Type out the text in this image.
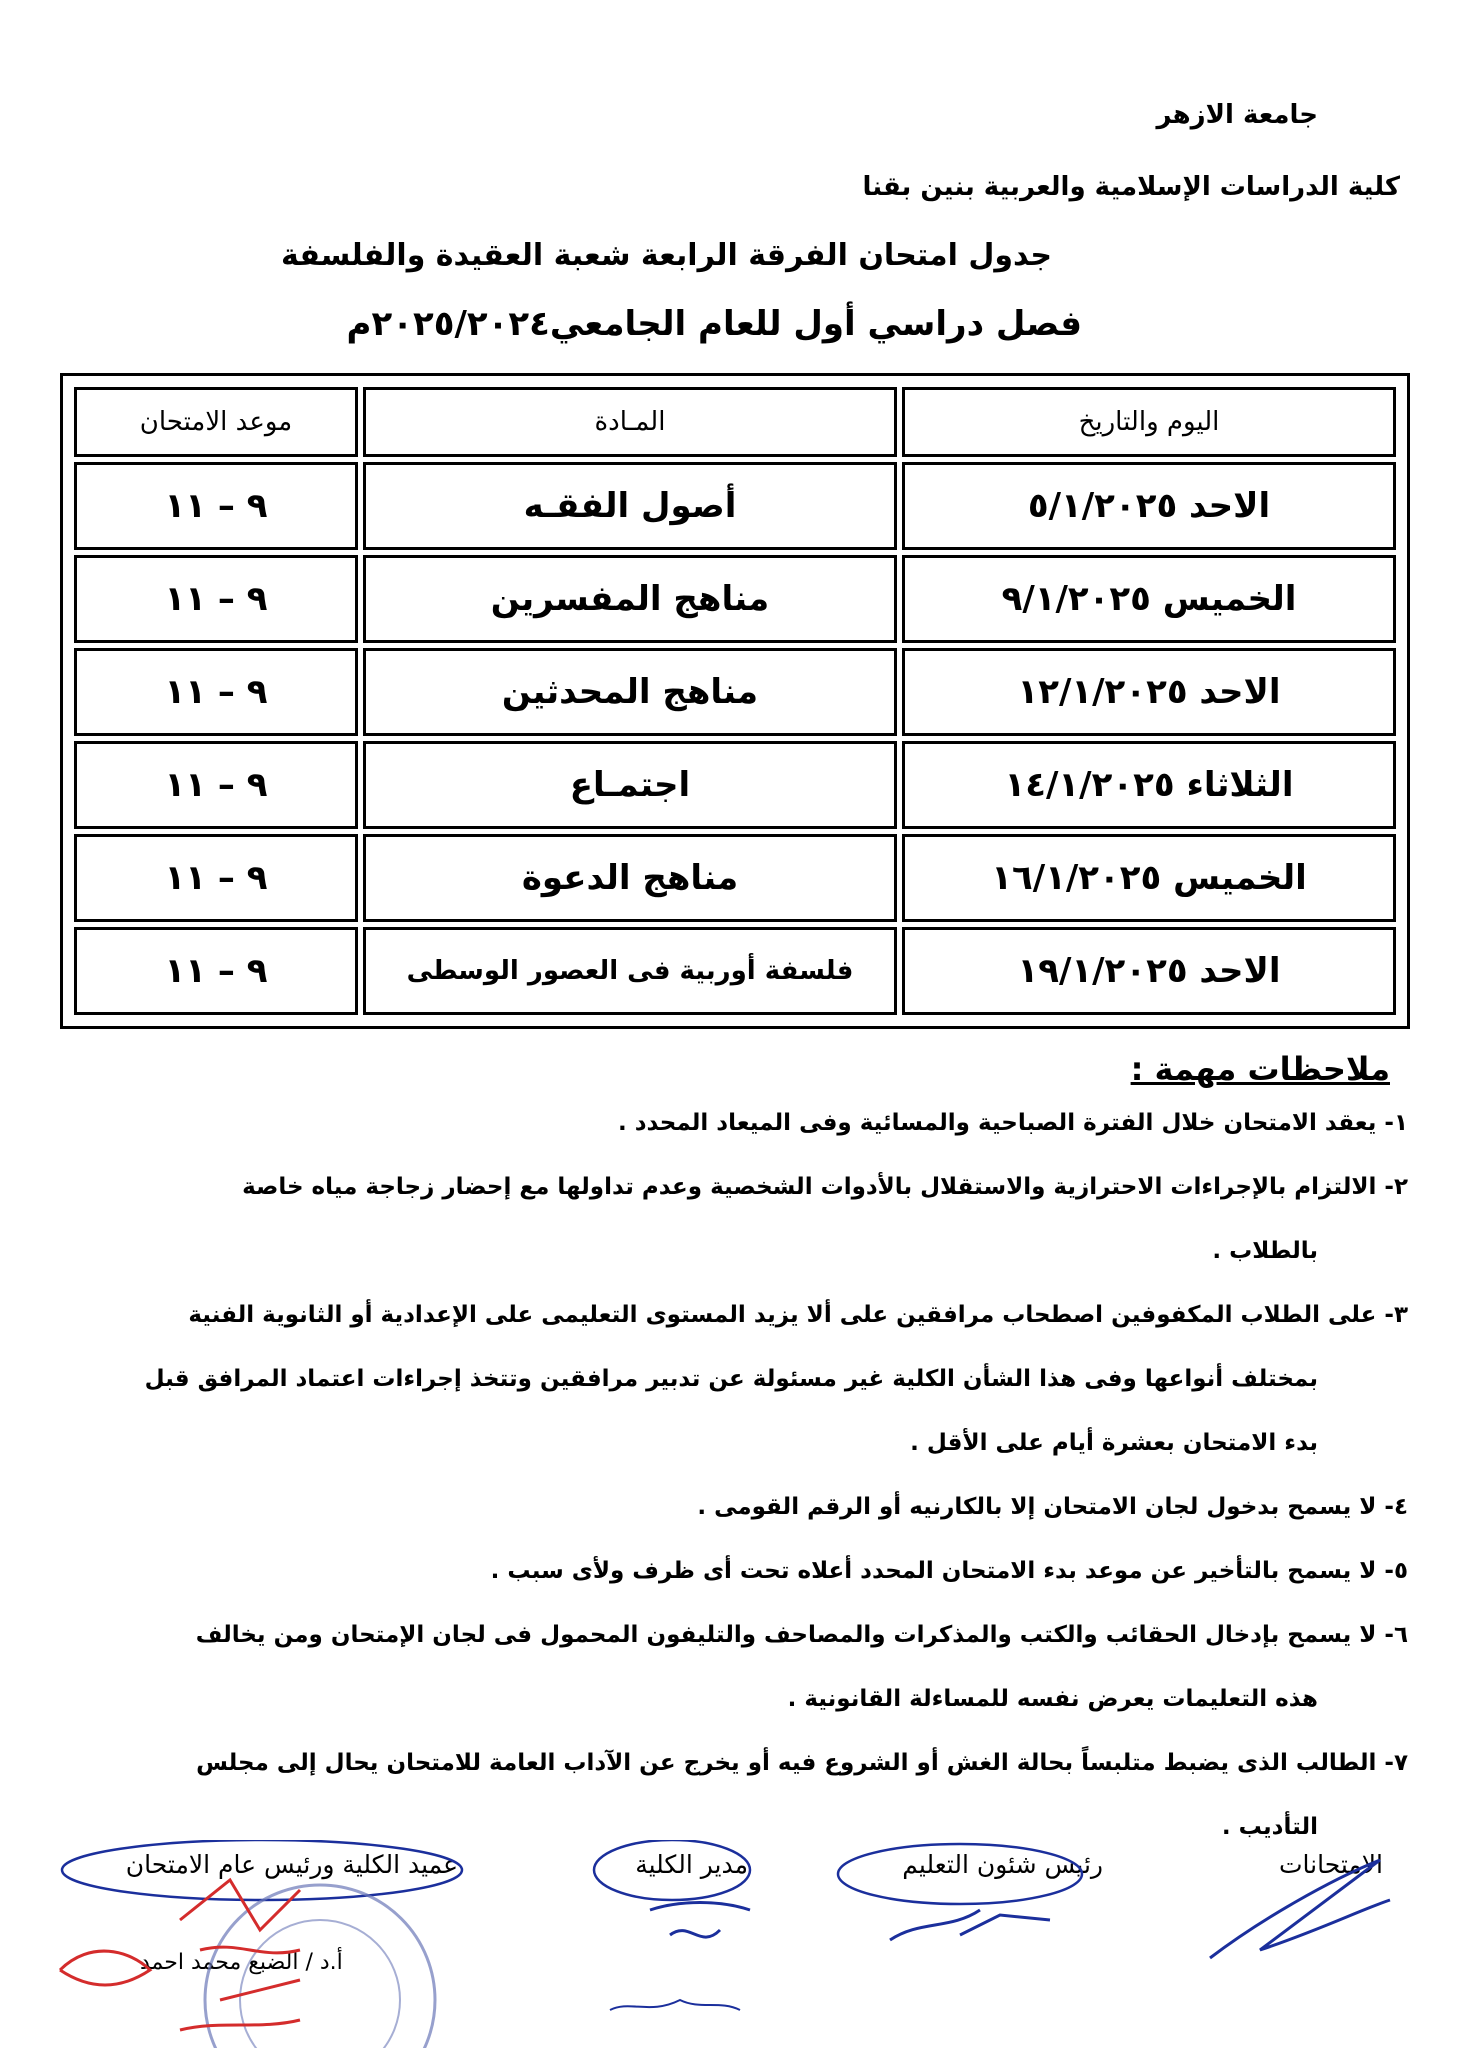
جامعة الازهر
كلية الدراسات الإسلامية والعربية بنين بقنا
جدول امتحان الفرقة الرابعة شعبة العقيدة والفلسفة
فصل دراسي أول للعام الجامعي٢٠٢٥/٢٠٢٤م
اليوم والتاريخ	المـادة	موعد الامتحان
الاحد ٥/١/٢٠٢٥	أصول الفقـه	٩ – ١١
الخميس ٩/١/٢٠٢٥	مناهج المفسرين	٩ – ١١
الاحد ١٢/١/٢٠٢٥	مناهج المحدثين	٩ – ١١
الثلاثاء ١٤/١/٢٠٢٥	اجتمـاع	٩ – ١١
الخميس ١٦/١/٢٠٢٥	مناهج الدعوة	٩ – ١١
الاحد ١٩/١/٢٠٢٥	فلسفة أوربية فى العصور الوسطى	٩ – ١١
ملاحظات مهمة :
١- يعقد الامتحان خلال الفترة الصباحية والمسائية وفى الميعاد المحدد .
٢- الالتزام بالإجراءات الاحترازية والاستقلال بالأدوات الشخصية وعدم تداولها مع إحضار زجاجة مياه خاصة
بالطلاب .
٣- على الطلاب المكفوفين اصطحاب مرافقين على ألا يزيد المستوى التعليمى على الإعدادية أو الثانوية الفنية
بمختلف أنواعها وفى هذا الشأن الكلية غير مسئولة عن تدبير مرافقين وتتخذ إجراءات اعتماد المرافق قبل
بدء الامتحان بعشرة أيام على الأقل .
٤- لا يسمح بدخول لجان الامتحان إلا بالكارنيه أو الرقم القومى .
٥- لا يسمح بالتأخير عن موعد بدء الامتحان المحدد أعلاه تحت أى ظرف ولأى سبب .
٦- لا يسمح بإدخال الحقائب والكتب والمذكرات والمصاحف والتليفون المحمول فى لجان الإمتحان ومن يخالف
هذه التعليمات يعرض نفسه للمساءلة القانونية .
٧- الطالب الذى يضبط متلبساً بحالة الغش أو الشروع فيه أو يخرج عن الآداب العامة للامتحان يحال إلى مجلس
التأديب .
الامتحانات
رئيس شئون التعليم
مدير الكلية
عميد الكلية ورئيس عام الامتحان
أ.د / الضبع محمد احمد
